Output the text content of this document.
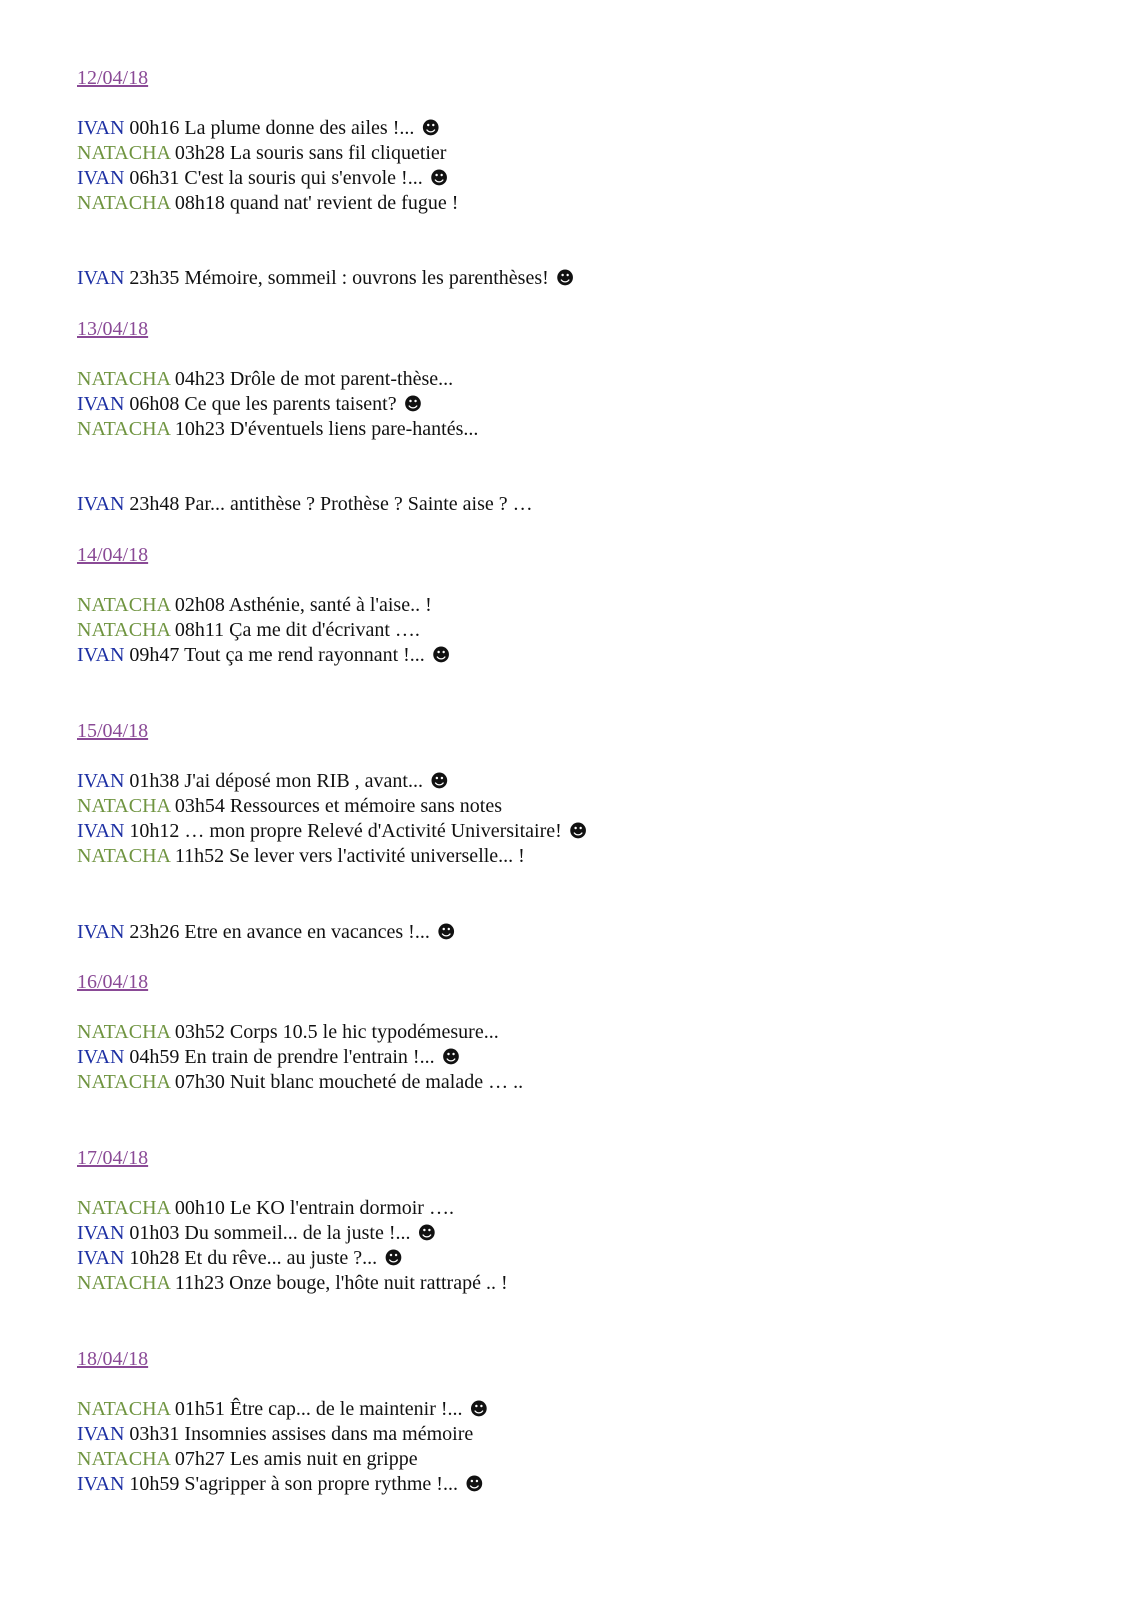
12/04/18
IVAN 00h16 La plume donne des ailes !... ☻
NATACHA 03h28 La souris sans fil cliquetier
IVAN 06h31 C'est la souris qui s'envole !... ☻
NATACHA 08h18 quand nat' revient de fugue !
IVAN 23h35 Mémoire, sommeil : ouvrons les parenthèses! ☻
13/04/18
NATACHA 04h23 Drôle de mot parent-thèse...
IVAN 06h08 Ce que les parents taisent? ☻
NATACHA 10h23 D'éventuels liens pare-hantés...
IVAN 23h48 Par... antithèse ? Prothèse ? Sainte aise ? …
14/04/18
NATACHA 02h08 Asthénie, santé à l'aise.. !
NATACHA 08h11 Ça me dit d'écrivant ….
IVAN 09h47 Tout ça me rend rayonnant !... ☻
15/04/18
IVAN 01h38 J'ai déposé mon RIB , avant... ☻
NATACHA 03h54 Ressources et mémoire sans notes
IVAN 10h12 … mon propre Relevé d'Activité Universitaire! ☻
NATACHA 11h52 Se lever vers l'activité universelle... !
IVAN 23h26 Etre en avance en vacances !... ☻
16/04/18
NATACHA 03h52 Corps 10.5 le hic typodémesure...
IVAN 04h59 En train de prendre l'entrain !... ☻
NATACHA 07h30 Nuit blanc moucheté de malade … ..
17/04/18
NATACHA 00h10 Le KO l'entrain dormoir ….
IVAN 01h03 Du sommeil... de la juste !... ☻
IVAN 10h28 Et du rêve... au juste ?... ☻
NATACHA 11h23 Onze bouge, l'hôte nuit rattrapé .. !
18/04/18
NATACHA 01h51 Être cap... de le maintenir !... ☻
IVAN 03h31 Insomnies assises dans ma mémoire
NATACHA 07h27 Les amis nuit en grippe
IVAN 10h59 S'agripper à son propre rythme !... ☻
